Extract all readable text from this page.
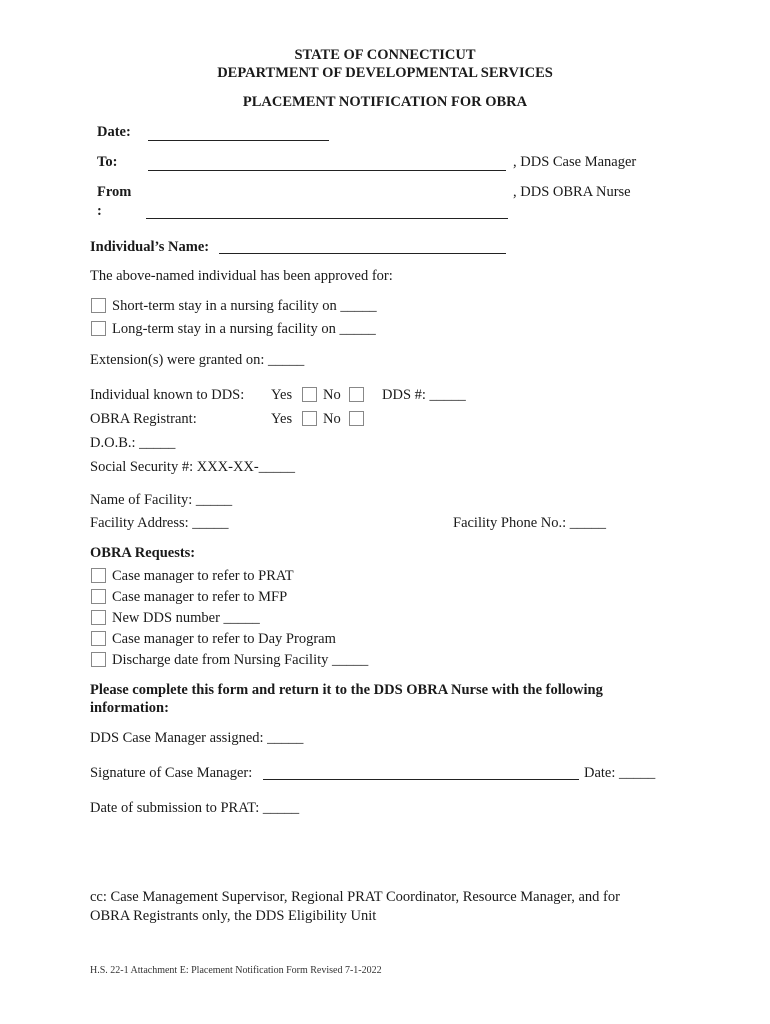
STATE OF CONNECTICUT
DEPARTMENT OF DEVELOPMENTAL SERVICES
PLACEMENT NOTIFICATION FOR OBRA
Date:
To:	, DDS Case Manager
From
:
, DDS OBRA Nurse
Individual’s Name:
The above-named individual has been approved for:
Short-term stay in a nursing facility on _____
Long-term stay in a nursing facility on _____
Extension(s) were granted on: _____
Individual known to DDS: Yes No	DDS #: _____
OBRA Registrant:	Yes No
D.O.B.: _____
Social Security #: XXX-XX-_____
Name of Facility: _____
Facility Address: _____	Facility Phone No.: _____
OBRA Requests:
Case manager to refer to PRAT
Case manager to refer to MFP
New DDS number _____
Case manager to refer to Day Program
Discharge date from Nursing Facility _____
Please complete this form and return it to the DDS OBRA Nurse with the following
information:
DDS Case Manager assigned: _____
Signature of Case Manager:	Date: _____
Date of submission to PRAT: _____
cc: Case Management Supervisor, Regional PRAT Coordinator, Resource Manager, and for
OBRA Registrants only, the DDS Eligibility Unit
H.S. 22-1 Attachment E: Placement Notification Form Revised 7-1-2022
